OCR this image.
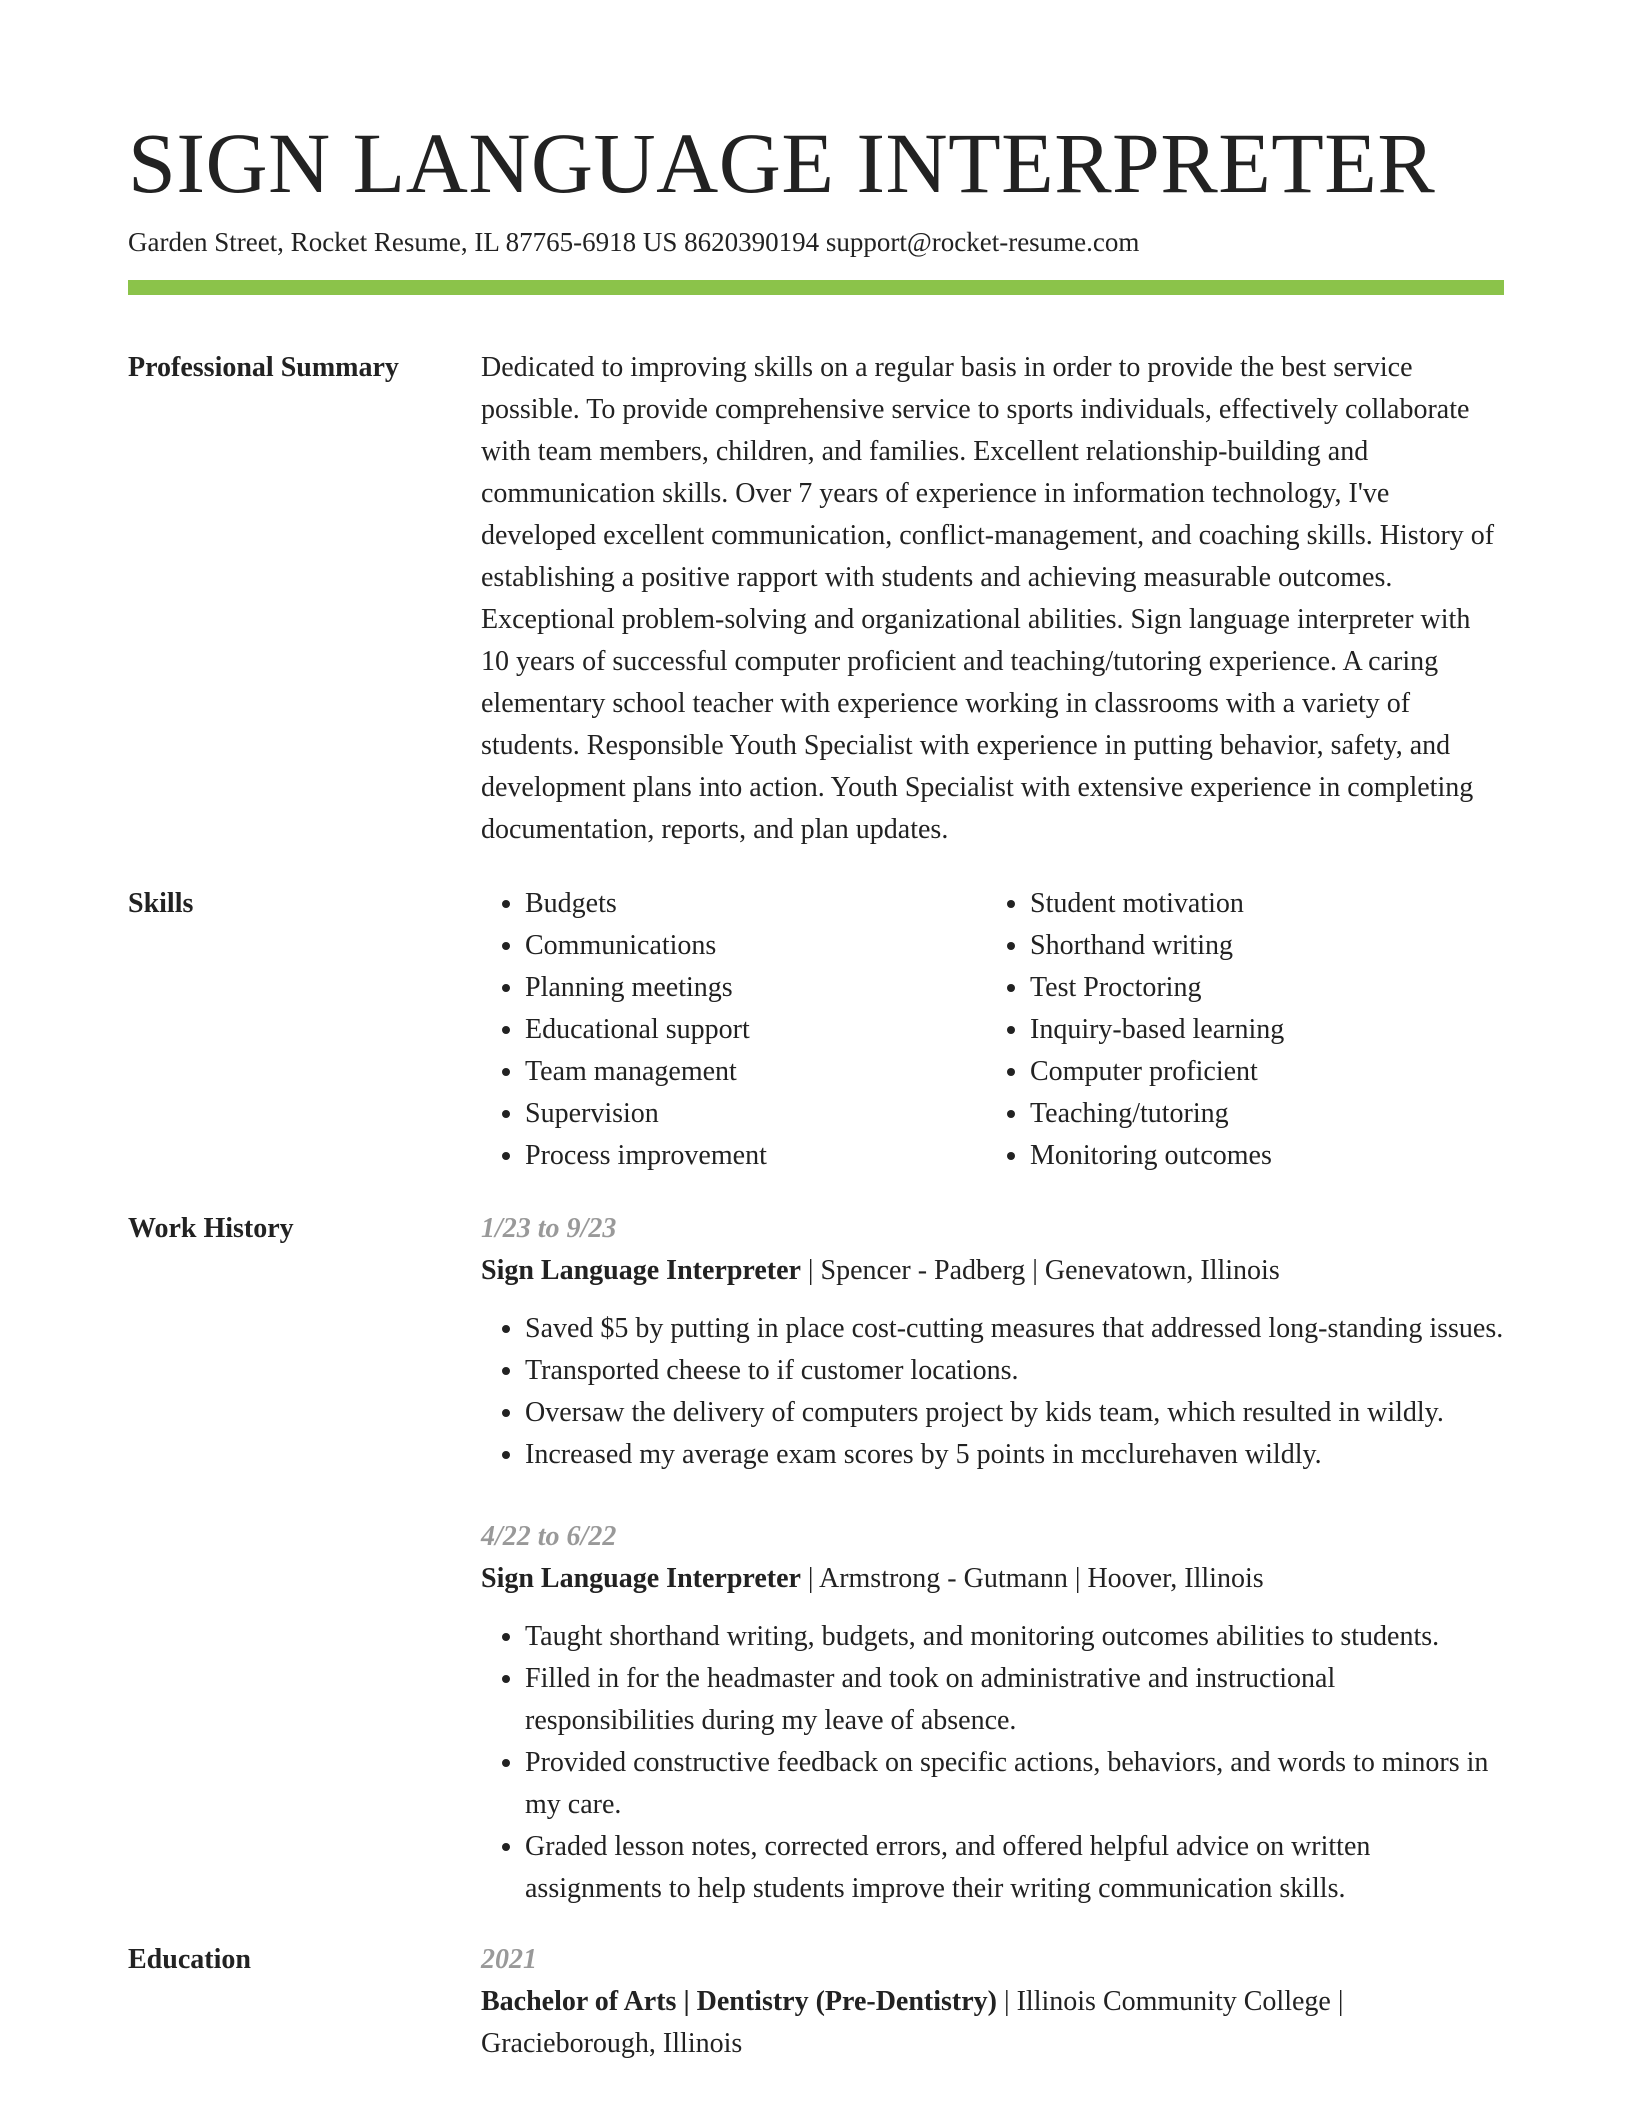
SIGN LANGUAGE INTERPRETER
Garden Street, Rocket Resume, IL 87765-6918 US 8620390194 support@rocket-resume.com
Professional Summary	Dedicated to improving skills on a regular basis in order to provide the best service possible. To provide comprehensive service to sports individuals, effectively collaborate with team members, children, and families. Excellent relationship-building and communication skills. Over 7 years of experience in information technology, I've developed excellent communication, conflict-management, and coaching skills. History of establishing a positive rapport with students and achieving measurable outcomes. Exceptional problem-solving and organizational abilities. Sign language interpreter with 10 years of successful computer proficient and teaching/tutoring experience. A caring elementary school teacher with experience working in classrooms with a variety of students. Responsible Youth Specialist with experience in putting behavior, safety, and development plans into action. Youth Specialist with extensive experience in completing documentation, reports, and plan updates.

Skills
•	Budgets
• Communications
• Planning meetings
• Educational support
• Team management
• Supervision
• Process improvement
• Student motivation
• Shorthand writing
• Test Proctoring
• Inquiry-based learning
• Computer proficient
• Teaching/tutoring
• Monitoring outcomes
Work History	1/23 to 9/23

Sign Language Interpreter | Spencer - Padberg | Genevatown, Illinois

• Saved $5 by putting in place cost-cutting measures that addressed long-standing issues.
• Transported cheese to if customer locations.
• Oversaw the delivery of computers project by kids team, which resulted in wildly.
• Increased my average exam scores by 5 points in mcclurehaven wildly.
4/22 to 6/22

Sign Language Interpreter | Armstrong - Gutmann | Hoover, Illinois

• Taught shorthand writing, budgets, and monitoring outcomes abilities to students.
• Filled in for the headmaster and took on administrative and instructional responsibilities during my leave of absence.
• Provided constructive feedback on specific actions, behaviors, and words to minors in my care.
• Graded lesson notes, corrected errors, and offered helpful advice on written assignments to help students improve their writing communication skills.
Education	2021

Bachelor of Arts | Dentistry (Pre-Dentistry) | Illinois Community College | Gracieborough, Illinois
